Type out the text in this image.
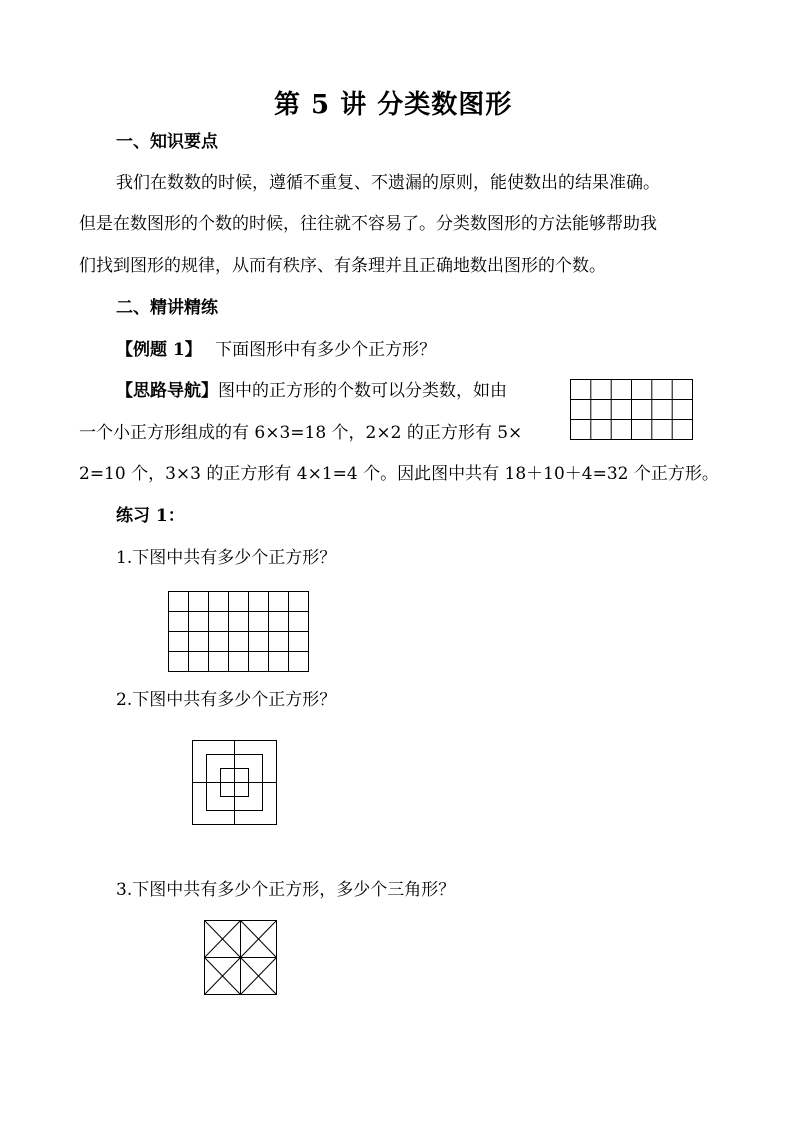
第 5 讲 分类数图形
一、知识要点
我们在数数的时候，遵循不重复、不遗漏的原则，能使数出的结果准确。
但是在数图形的个数的时候，往往就不容易了。分类数图形的方法能够帮助我
们找到图形的规律，从而有秩序、有条理并且正确地数出图形的个数。
二、精讲精练
【例题 1】 下面图形中有多少个正方形？
【思路导航】图中的正方形的个数可以分类数，如由
一个小正方形组成的有 6×3=18 个，2×2 的正方形有 5×
2=10 个，3×3 的正方形有 4×1=4 个。因此图中共有 18＋10＋4=32 个正方形。
练习 1：
1.下图中共有多少个正方形？
2.下图中共有多少个正方形？
3.下图中共有多少个正方形，多少个三角形？
